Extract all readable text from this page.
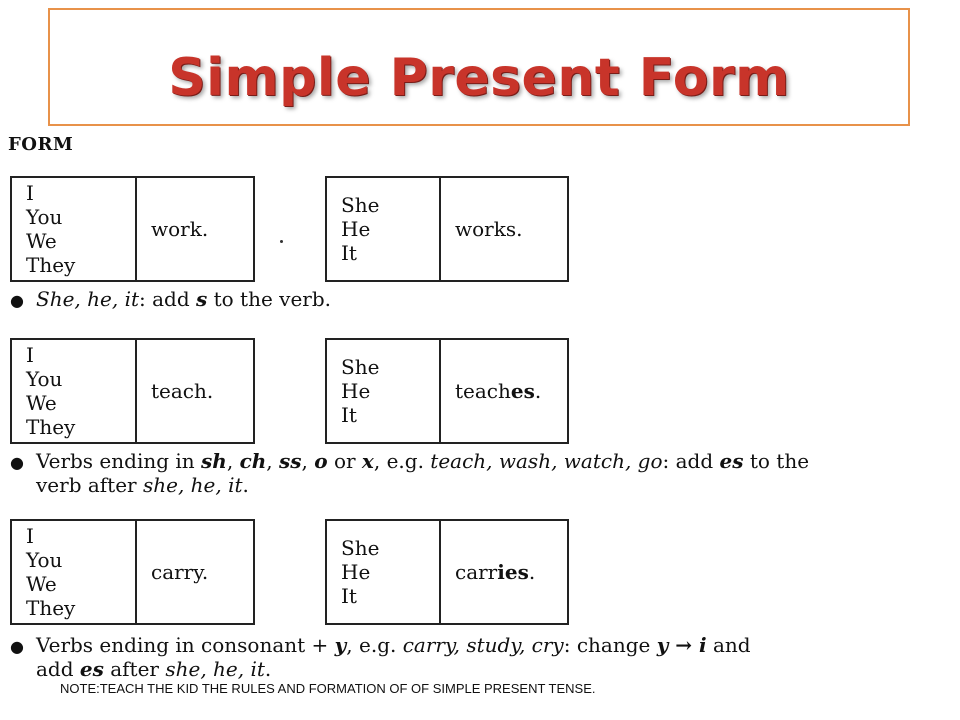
Simple Present Form
FORM
I
You
We
They
work.
She
He
It
works.
● She, he, it: add s to the verb.
I
You
We
They
teach.
She
He
It
teach es .
● Verbs ending in sh, ch, ss, o or x, e.g. teach, wash, watch, go: add es to the
verb after she, he, it.
I
You
We
They
carry.
She
He
It
carr ies .
● Verbs ending in consonant + y, e.g. carry, study, cry: change y → i and
add es after she, he, it.
NOTE:TEACH THE KID THE RULES AND FORMATION OF OF SIMPLE PRESENT TENSE.
